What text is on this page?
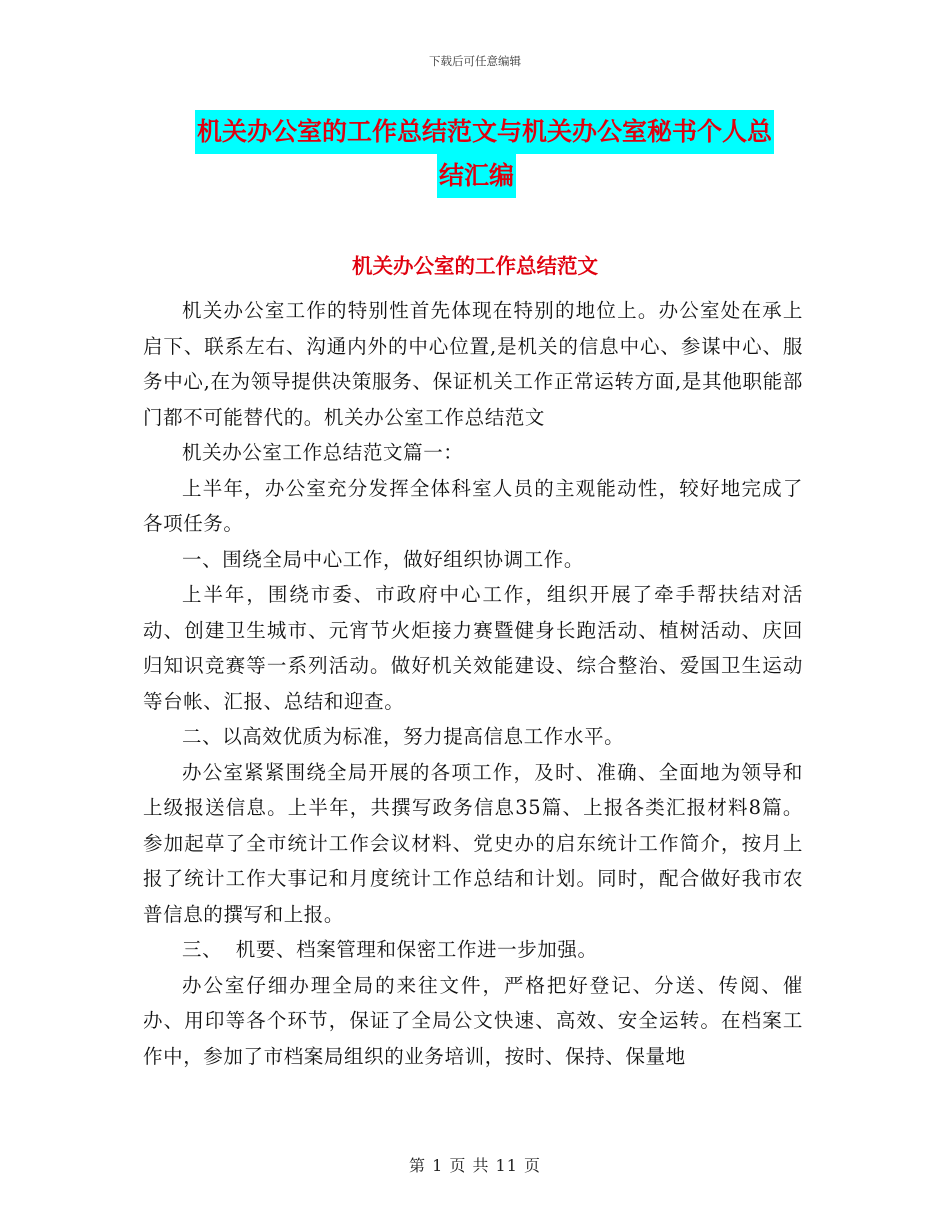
下载后可任意编辑
机关办公室的工作总结范文与机关办公室秘书个人总
结汇编
机关办公室的工作总结范文

机关办公室工作的特别性首先体现在特别的地位上。办公室处在承上启下、联系左右、沟通内外的中心位置,是机关的信息中心、参谋中心、服务中心,在为领导提供决策服务、保证机关工作正常运转方面,是其他职能部门都不可能替代的。机关办公室工作总结范文

机关办公室工作总结范文篇一：

上半年，办公室充分发挥全体科室人员的主观能动性，较好地完成了各项任务。

一、围绕全局中心工作，做好组织协调工作。

上半年，围绕市委、市政府中心工作，组织开展了牵手帮扶结对活动、创建卫生城市、元宵节火炬接力赛暨健身长跑活动、植树活动、庆回归知识竞赛等一系列活动。做好机关效能建设、综合整治、爱国卫生运动等台帐、汇报、总结和迎查。

二、以高效优质为标准，努力提高信息工作水平。

办公室紧紧围绕全局开展的各项工作，及时、准确、全面地为领导和上级报送信息。上半年，共撰写政务信息35篇、上报各类汇报材料8篇。参加起草了全市统计工作会议材料、党史办的启东统计工作简介，按月上报了统计工作大事记和月度统计工作总结和计划。同时，配合做好我市农普信息的撰写和上报。

三、  机要、档案管理和保密工作进一步加强。

办公室仔细办理全局的来往文件，严格把好登记、分送、传阅、催办、用印等各个环节，保证了全局公文快速、高效、安全运转。在档案工作中，参加了市档案局组织的业务培训，按时、保持、保量地

第 1 页 共 11 页
